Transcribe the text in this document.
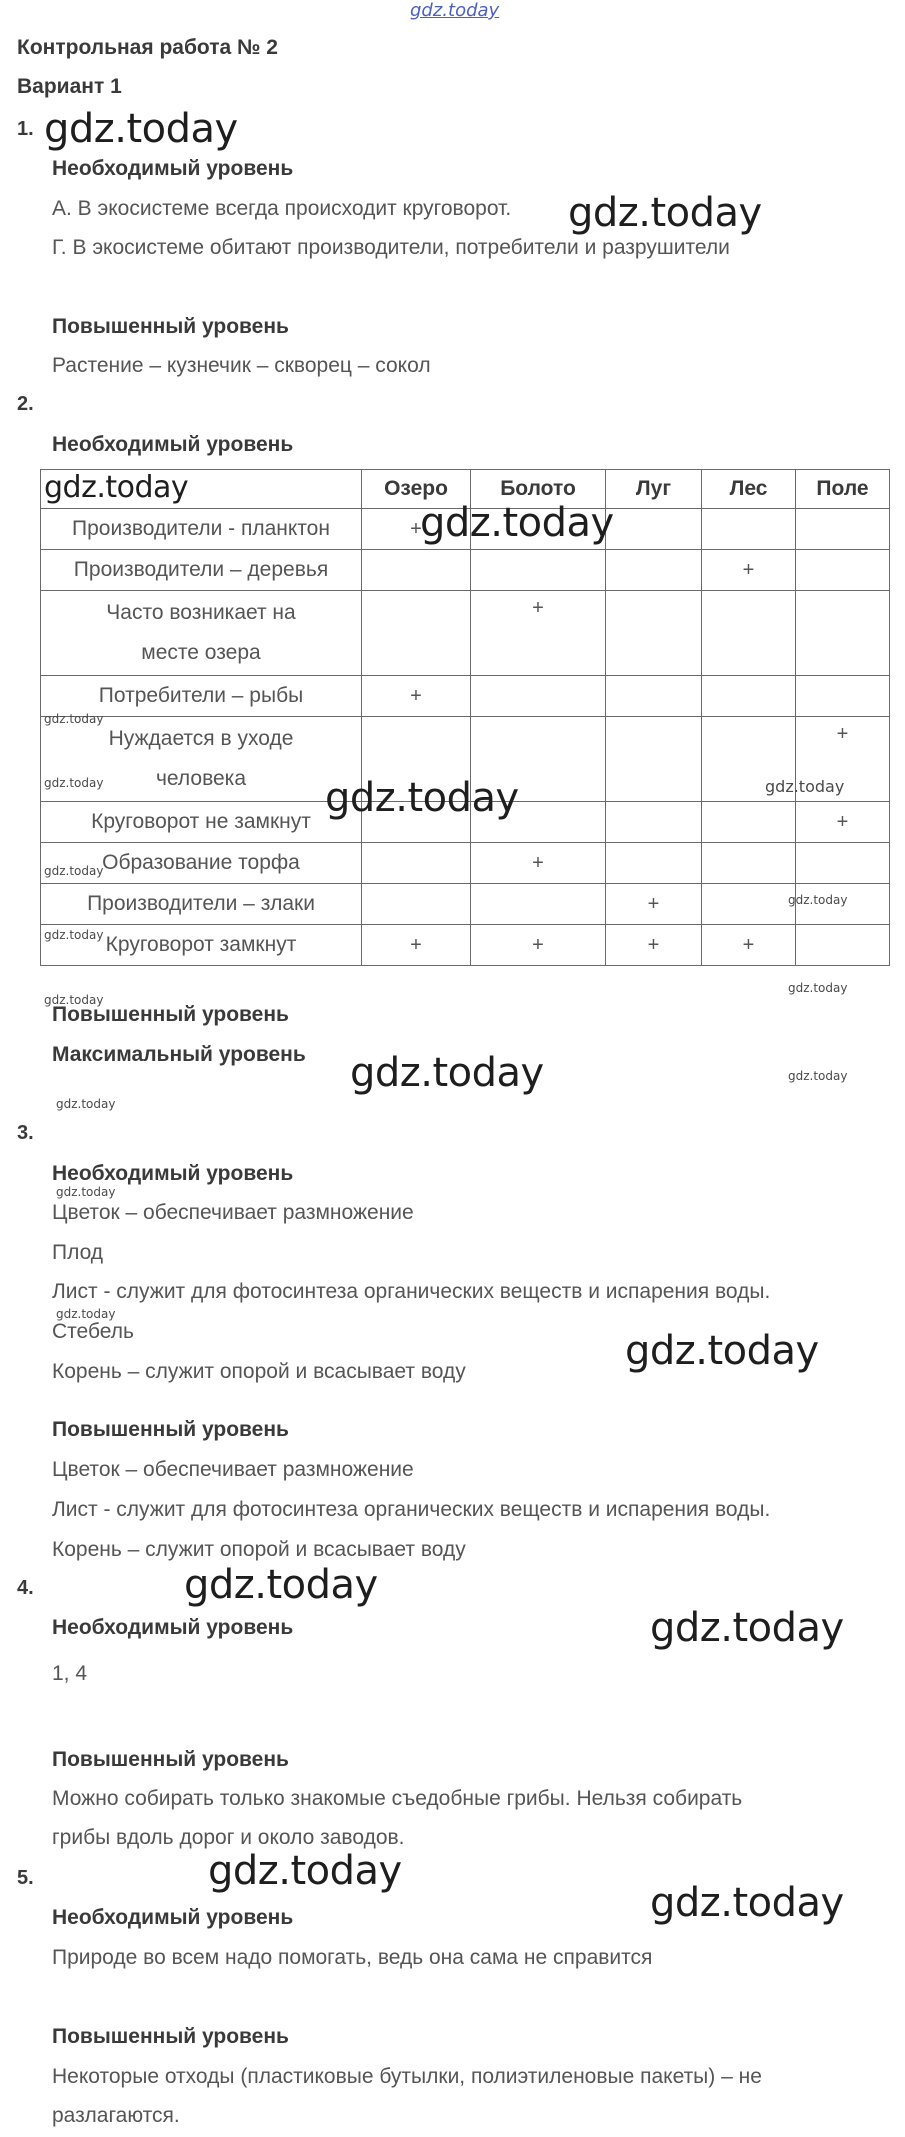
gdz.today
Контрольная работа № 2
Вариант 1
1.
Необходимый уровень
А. В экосистеме всегда происходит круговорот.
Г. В экосистеме обитают производители, потребители и разрушители
Повышенный уровень
Растение – кузнечик – скворец – сокол
2.
Необходимый уровень
	Озеро	Болото	Луг	Лес	Поле
Производители - планктон	+				
Производители – деревья				+	
Часто возникает на месте озера		+			
Потребители – рыбы	+				
Нуждается в уходе человека					+
Круговорот не замкнут					+
Образование торфа		+			
Производители – злаки			+		
Круговорот замкнут	+	+	+	+	
Повышенный уровень
Максимальный уровень
3.
Необходимый уровень
Цветок – обеспечивает размножение
Плод
Лист - служит для фотосинтеза органических веществ и испарения воды.
Стебель
Корень – служит опорой и всасывает воду
Повышенный уровень
Цветок – обеспечивает размножение
Лист - служит для фотосинтеза органических веществ и испарения воды.
Корень – служит опорой и всасывает воду
4.
Необходимый уровень
1, 4
Повышенный уровень
Можно собирать только знакомые съедобные грибы. Нельзя собирать
грибы вдоль дорог и около заводов.
5.
Необходимый уровень
Природе во всем надо помогать, ведь она сама не справится
Повышенный уровень
Некоторые отходы (пластиковые бутылки, полиэтиленовые пакеты) – не
разлагаются.
gdz.today
gdz.today
gdz.today
gdz.today
gdz.today
gdz.today
gdz.today
gdz.today
gdz.today
gdz.today
gdz.today
gdz.today
gdz.today	gdz.today
gdz.today
gdz.today
gdz.today
gdz.today
gdz.today
gdz.today
gdz.today
gdz.today
gdz.today
